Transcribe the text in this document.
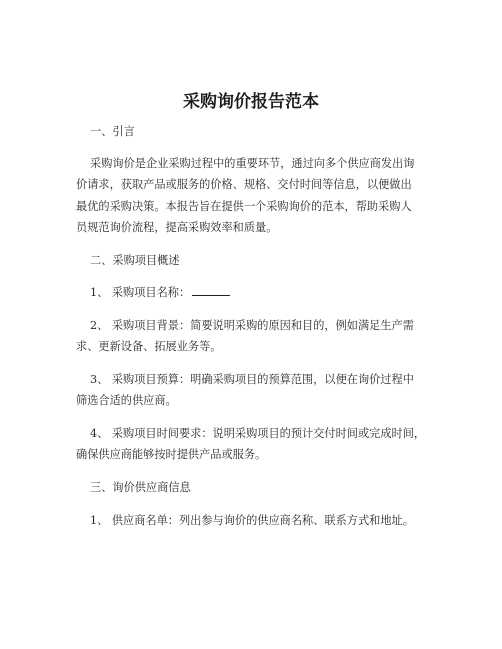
采购询价报告范本
一、引言
采购询价是企业采购过程中的重要环节，通过向多个供应商发出询
价请求，获取产品或服务的价格、规格、交付时间等信息，以便做出
最优的采购决策。本报告旨在提供一个采购询价的范本，帮助采购人
员规范询价流程，提高采购效率和质量。
二、采购项目概述
1、 采购项目名称：
2、 采购项目背景：简要说明采购的原因和目的，例如满足生产需
求、更新设备、拓展业务等。
3、 采购项目预算：明确采购项目的预算范围，以便在询价过程中
筛选合适的供应商。
4、 采购项目时间要求：说明采购项目的预计交付时间或完成时间，
确保供应商能够按时提供产品或服务。
三、询价供应商信息
1、 供应商名单：列出参与询价的供应商名称、联系方式和地址。
